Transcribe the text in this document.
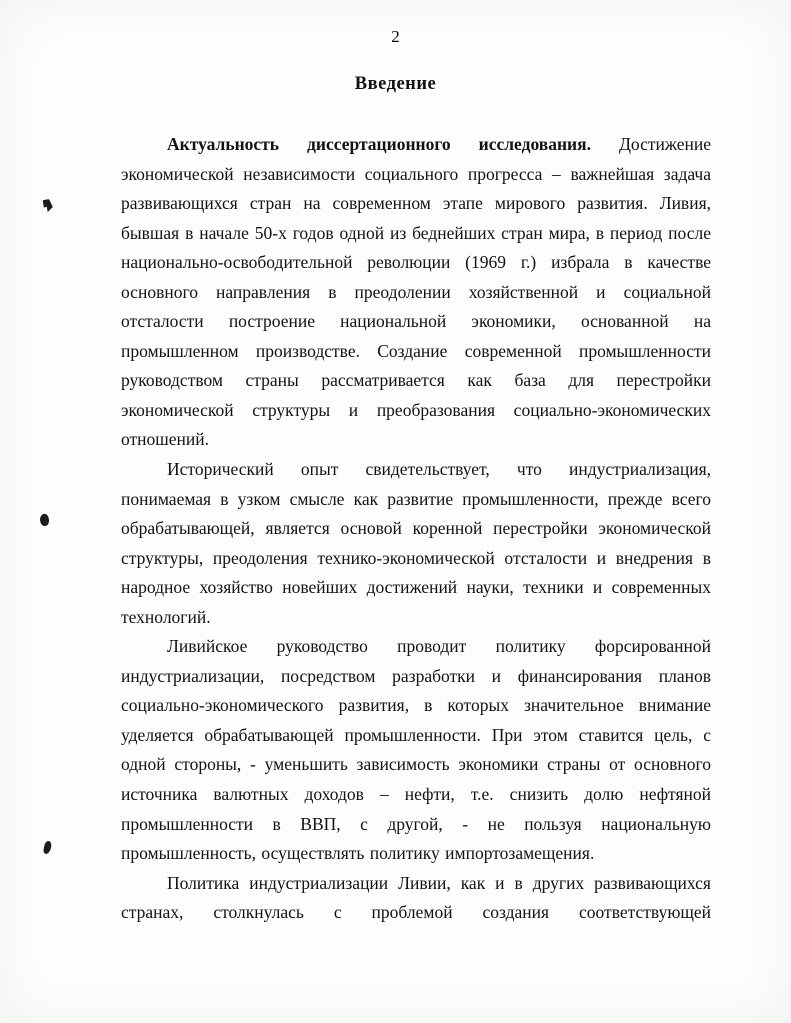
2
Введение

Актуальность диссертационного исследования. Достижение экономической независимости социального прогресса – важнейшая задача развивающихся стран на современном этапе мирового развития. Ливия, бывшая в начале 50-х годов одной из беднейших стран мира, в период после национально-освободительной революции (1969 г.) избрала в качестве основного направления в преодолении хозяйственной и социальной отсталости построение национальной экономики, основанной на промышленном производстве. Создание современной промышленности руководством страны рассматривается как база для перестройки экономической структуры и преобразования социально-экономических отношений.

Исторический опыт свидетельствует, что индустриализация, понимаемая в узком смысле как развитие промышленности, прежде всего обрабатывающей, является основой коренной перестройки экономической структуры, преодоления технико-экономической отсталости и внедрения в народное хозяйство новейших достижений науки, техники и современных технологий.

Ливийское руководство проводит политику форсированной индустриализации, посредством разработки и финансирования планов социально-экономического развития, в которых значительное внимание уделяется обрабатывающей промышленности. При этом ставится цель, с одной стороны, - уменьшить зависимость экономики страны от основного источника валютных доходов – нефти, т.е. снизить долю нефтяной промышленности в ВВП, с другой, - не пользуя национальную промышленность, осуществлять политику импортозамещения.

Политика индустриализации Ливии, как и в других развивающихся странах, столкнулась с проблемой создания соответствующей
